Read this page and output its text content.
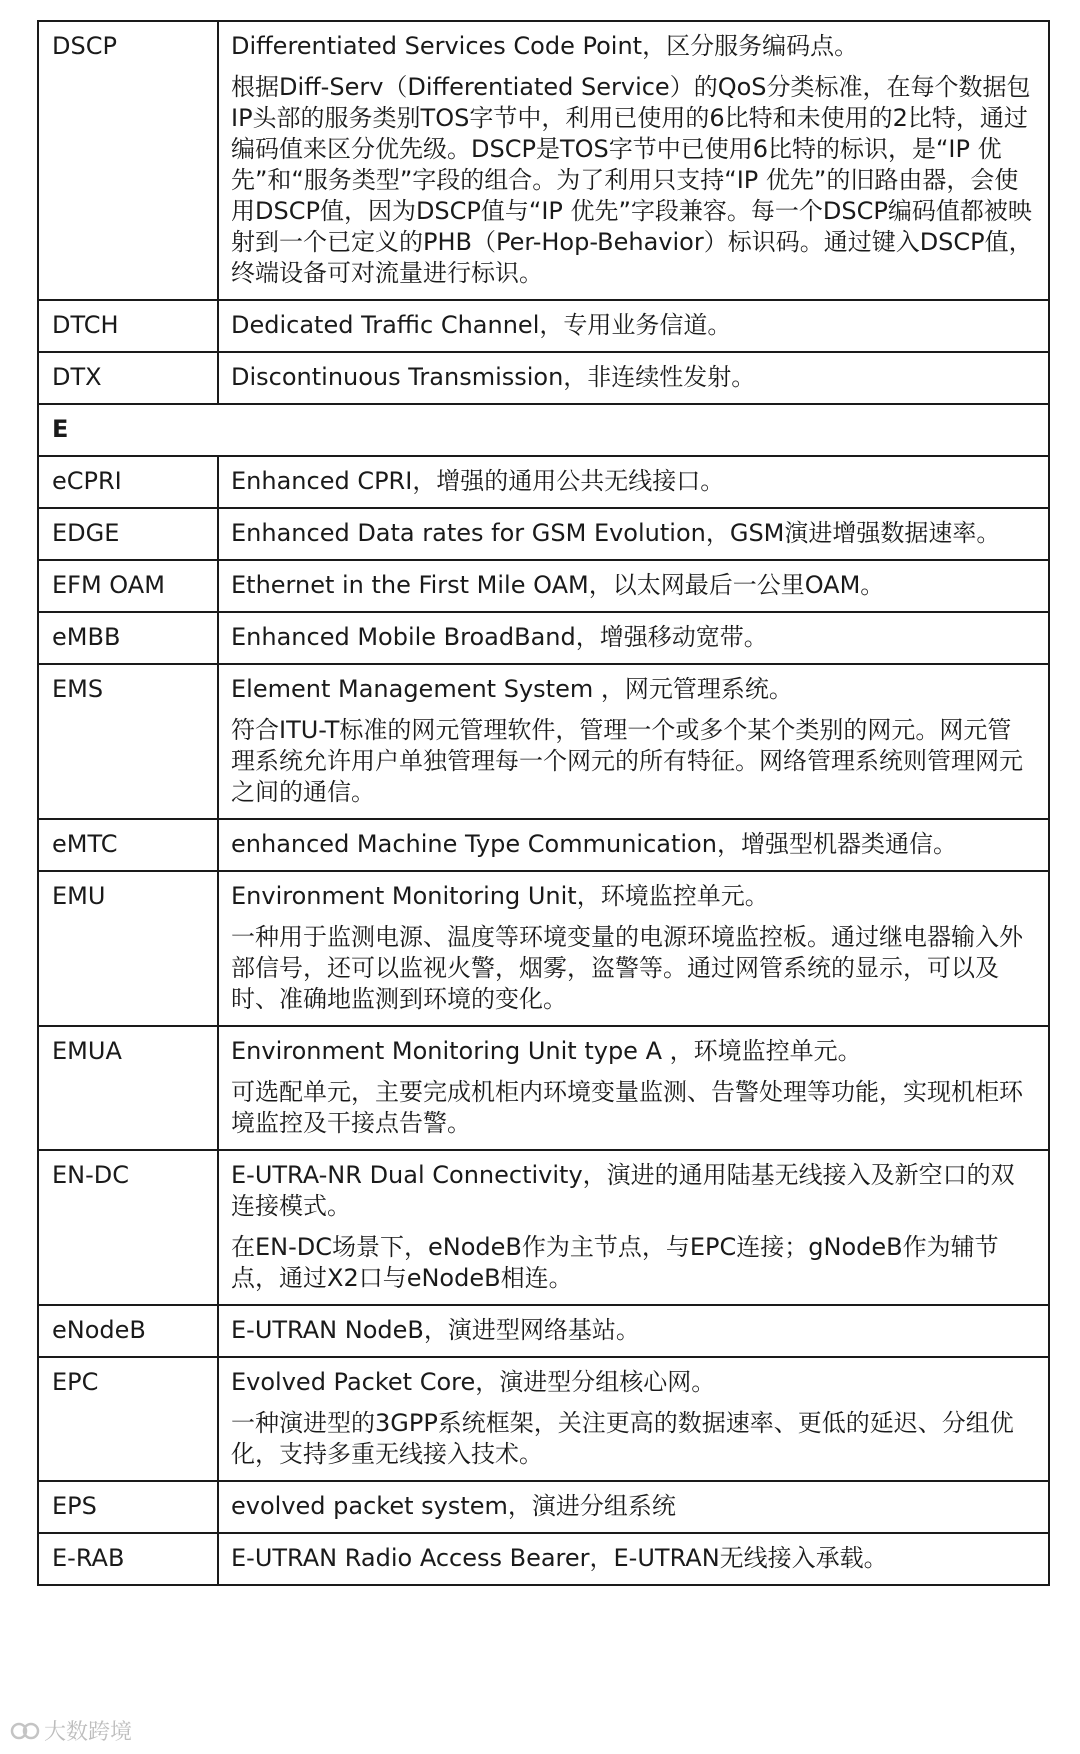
DSCP	Differentiated Services Code Point，区分服务编码点。

根据Diff-Serv（Differentiated Service）的QoS分类标准，在每个数据包IP头部的服务类别TOS字节中，利用已使用的6比特和未使用的2比特，通过编码值来区分优先级。DSCP是TOS字节中已使用6比特的标识，是“IP 优先”和“服务类型”字段的组合。为了利用只支持“IP 优先”的旧路由器，会使用DSCP值，因为DSCP值与“IP 优先”字段兼容。每一个DSCP编码值都被映射到一个已定义的PHB（Per-Hop-Behavior）标识码。通过键入DSCP值，终端设备可对流量进行标识。

DTCH	Dedicated Traffic Channel，专用业务信道。

DTX	Discontinuous Transmission，非连续性发射。

E	
eCPRI	Enhanced CPRI，增强的通用公共无线接口。

EDGE	Enhanced Data rates for GSM Evolution，GSM演进增强数据速率。

EFM OAM	Ethernet in the First Mile OAM，以太网最后一公里OAM。

eMBB	Enhanced Mobile BroadBand，增强移动宽带。

EMS	Element Management System ，网元管理系统。

符合ITU-T标准的网元管理软件，管理一个或多个某个类别的网元。网元管理系统允许用户单独管理每一个网元的所有特征。网络管理系统则管理网元之间的通信。

eMTC	enhanced Machine Type Communication，增强型机器类通信。

EMU	Environment Monitoring Unit，环境监控单元。

一种用于监测电源、温度等环境变量的电源环境监控板。通过继电器输入外部信号，还可以监视火警，烟雾，盗警等。通过网管系统的显示，可以及时、准确地监测到环境的变化。

EMUA	Environment Monitoring Unit type A ，环境监控单元。

可选配单元，主要完成机柜内环境变量监测、告警处理等功能，实现机柜环境监控及干接点告警。

EN-DC	E-UTRA-NR Dual Connectivity，演进的通用陆基无线接入及新空口的双连接模式。

在EN-DC场景下，eNodeB作为主节点，与EPC连接；gNodeB作为辅节点，通过X2口与eNodeB相连。

eNodeB	E-UTRAN NodeB，演进型网络基站。

EPC	Evolved Packet Core，演进型分组核心网。

一种演进型的3GPP系统框架，关注更高的数据速率、更低的延迟、分组优化，支持多重无线接入技术。

EPS	evolved packet system，演进分组系统

E-RAB	E-UTRAN Radio Access Bearer，E-UTRAN无线接入承载。

大数跨境
